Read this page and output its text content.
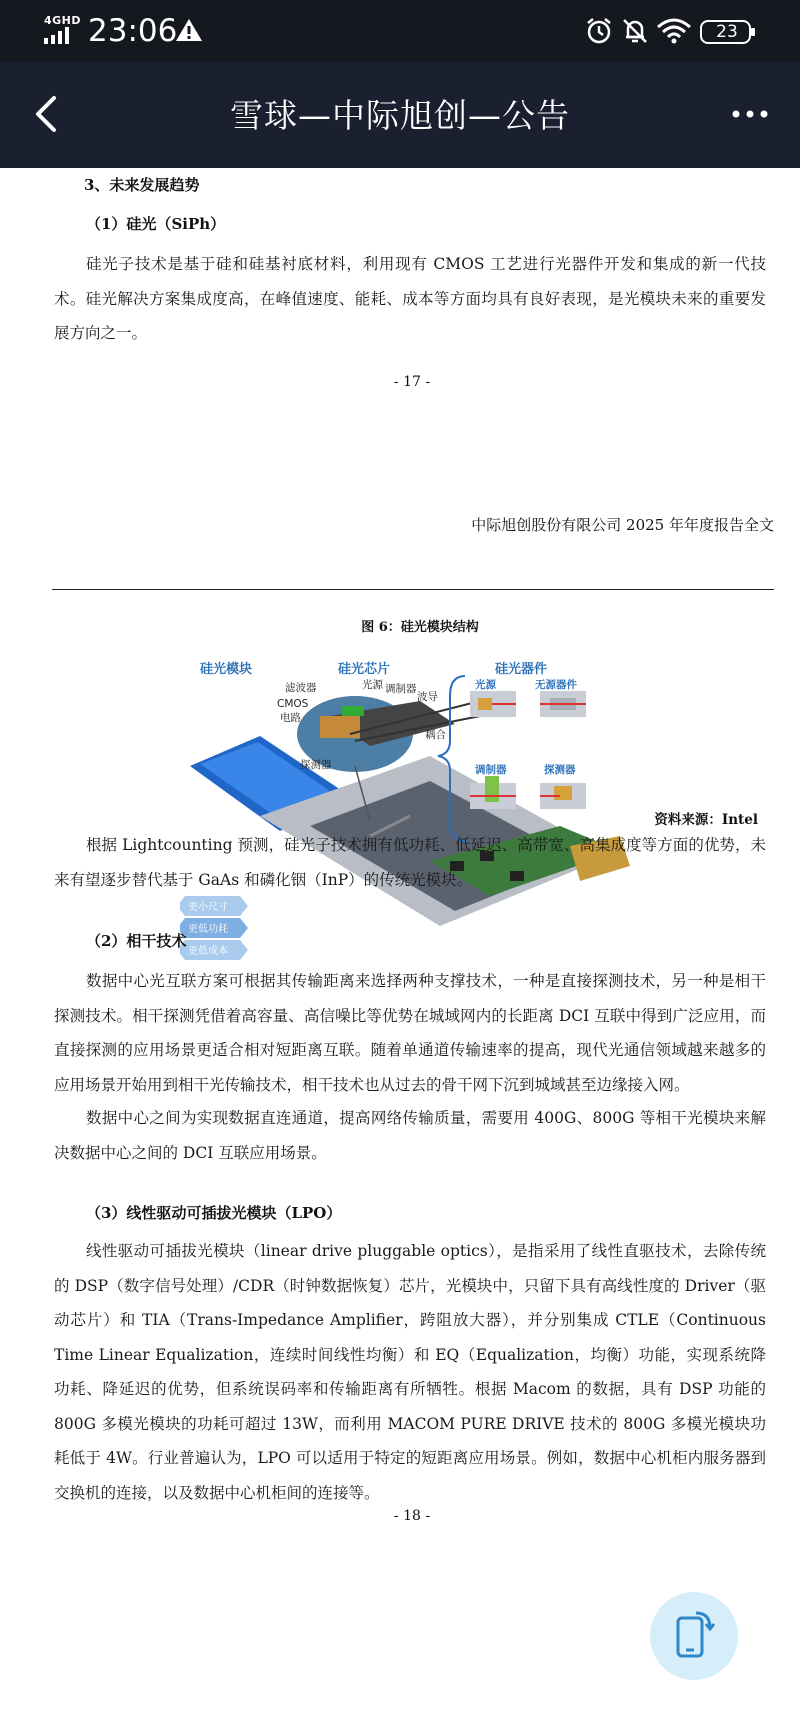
4GHD 23:06	23
雪球—中际旭创—公告
3、未来发展趋势
（1）硅光（SiPh）
硅光子技术是基于硅和硅基衬底材料，利用现有 CMOS 工艺进行光器件开发和集成的新一代技术。硅光解决方案集成度高，在峰值速度、能耗、成本等方面均具有良好表现，是光模块未来的重要发展方向之一。
- 17 -
中际旭创股份有限公司 2025 年年度报告全文
图 6：硅光模块结构
硅光模块	硅光芯片	硅光器件
滤波器
CMOS
电路
光源 调制器
波导
耦合
探测器
光源	无源器件
调制器	探测器
更小尺寸
更低功耗
更低成本
资料来源：Intel
根据 Lightcounting 预测，硅光子技术拥有低功耗、低延迟、高带宽、高集成度等方面的优势，未来有望逐步替代基于 GaAs 和磷化铟（InP）的传统光模块。
（2）相干技术
数据中心光互联方案可根据其传输距离来选择两种支撑技术，一种是直接探测技术，另一种是相干探测技术。相干探测凭借着高容量、高信噪比等优势在城域网内的长距离 DCI 互联中得到广泛应用，而直接探测的应用场景更适合相对短距离互联。随着单通道传输速率的提高，现代光通信领域越来越多的应用场景开始用到相干光传输技术，相干技术也从过去的骨干网下沉到城域甚至边缘接入网。
数据中心之间为实现数据直连通道，提高网络传输质量，需要用 400G、800G 等相干光模块来解决数据中心之间的 DCI 互联应用场景。
（3）线性驱动可插拔光模块（LPO）
线性驱动可插拔光模块（linear drive pluggable optics），是指采用了线性直驱技术，去除传统的 DSP（数字信号处理）/CDR（时钟数据恢复）芯片，光模块中，只留下具有高线性度的 Driver（驱动芯片）和 TIA（Trans-Impedance Amplifier，跨阻放大器），并分别集成 CTLE（Continuous Time Linear Equalization，连续时间线性均衡）和 EQ（Equalization，均衡）功能，实现系统降功耗、降延迟的优势，但系统误码率和传输距离有所牺牲。根据 Macom 的数据，具有 DSP 功能的 800G 多模光模块的功耗可超过 13W，而利用 MACOM PURE DRIVE 技术的 800G 多模光模块功耗低于 4W。行业普遍认为，LPO 可以适用于特定的短距离应用场景。例如，数据中心机柜内服务器到交换机的连接，以及数据中心机柜间的连接等。
- 18 -
